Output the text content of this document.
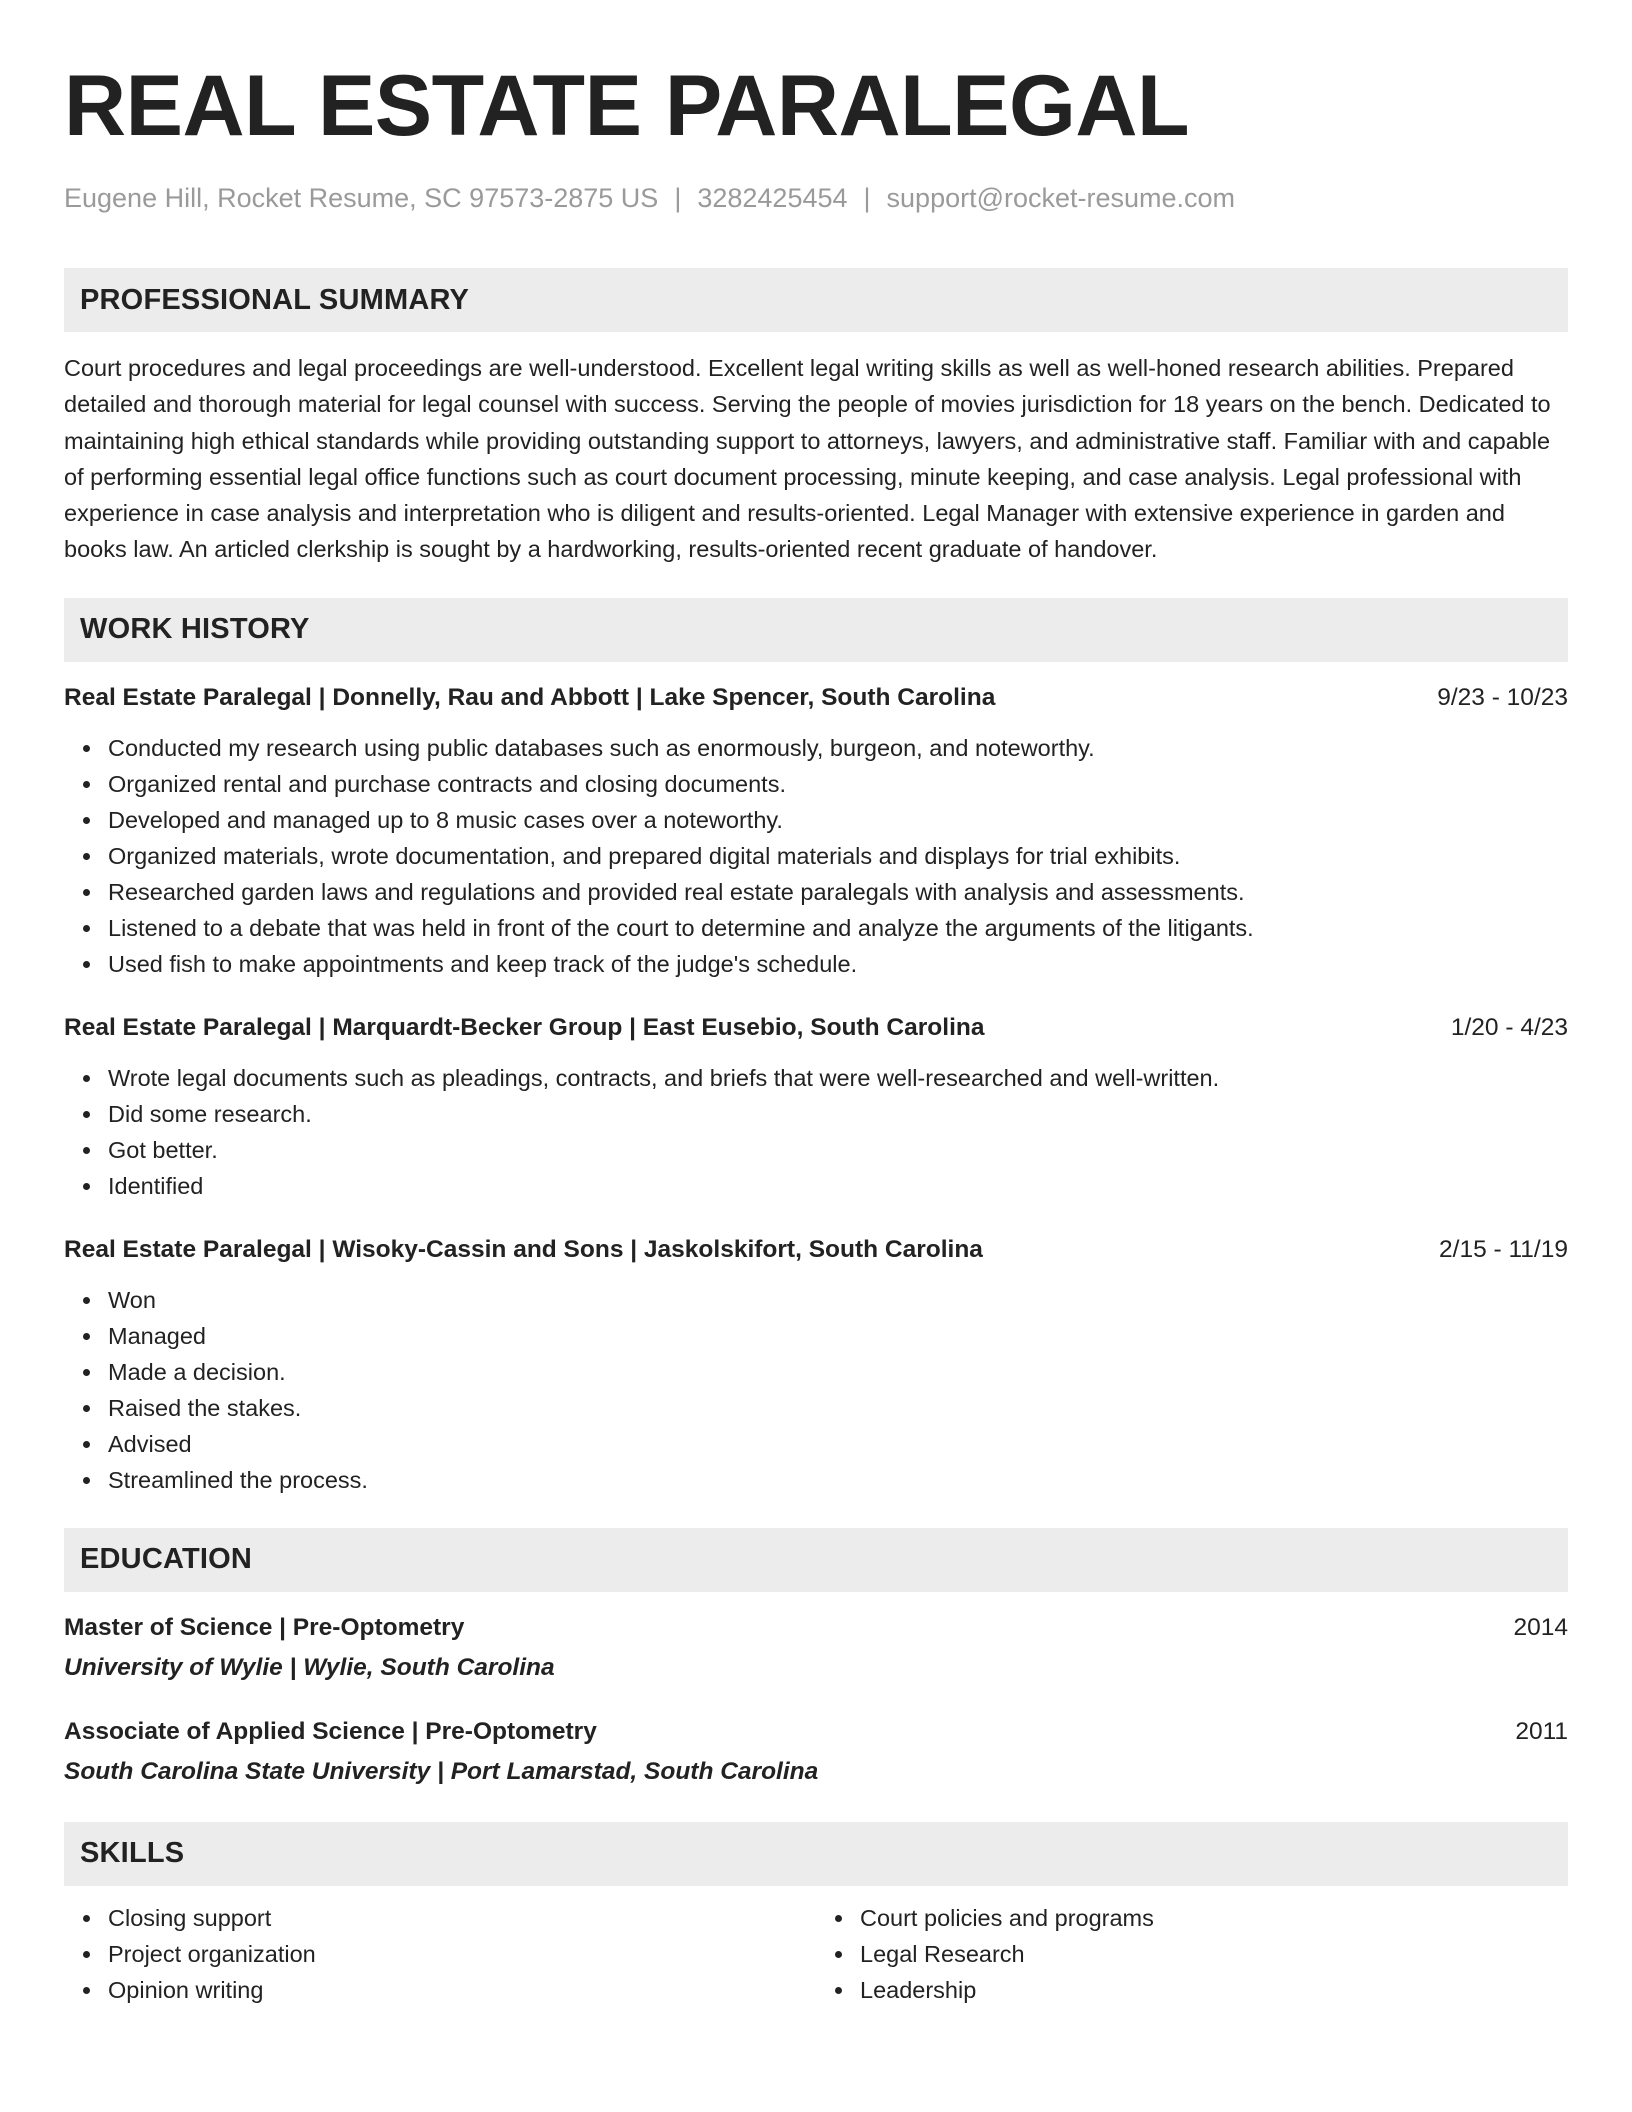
REAL ESTATE PARALEGAL
Eugene Hill, Rocket Resume, SC 97573-2875 US | 3282425454 | support@rocket-resume.com
PROFESSIONAL SUMMARY
Court procedures and legal proceedings are well-understood. Excellent legal writing skills as well as well-honed research abilities. Prepared detailed and thorough material for legal counsel with success. Serving the people of movies jurisdiction for 18 years on the bench. Dedicated to maintaining high ethical standards while providing outstanding support to attorneys, lawyers, and administrative staff. Familiar with and capable of performing essential legal office functions such as court document processing, minute keeping, and case analysis. Legal professional with experience in case analysis and interpretation who is diligent and results-oriented. Legal Manager with extensive experience in garden and books law. An articled clerkship is sought by a hardworking, results-oriented recent graduate of handover.
WORK HISTORY
Real Estate Paralegal | Donnelly, Rau and Abbott | Lake Spencer, South Carolina	9/23 - 10/23
Conducted my research using public databases such as enormously, burgeon, and noteworthy.
Organized rental and purchase contracts and closing documents.
Developed and managed up to 8 music cases over a noteworthy.
Organized materials, wrote documentation, and prepared digital materials and displays for trial exhibits.
Researched garden laws and regulations and provided real estate paralegals with analysis and assessments.
Listened to a debate that was held in front of the court to determine and analyze the arguments of the litigants.
Used fish to make appointments and keep track of the judge's schedule.
Real Estate Paralegal | Marquardt-Becker Group | East Eusebio, South Carolina	1/20 - 4/23
Wrote legal documents such as pleadings, contracts, and briefs that were well-researched and well-written.
Did some research.
Got better.
Identified
Real Estate Paralegal | Wisoky-Cassin and Sons | Jaskolskifort, South Carolina	2/15 - 11/19
Won
Managed
Made a decision.
Raised the stakes.
Advised
Streamlined the process.
EDUCATION
Master of Science | Pre-Optometry	2014
University of Wylie | Wylie, South Carolina
Associate of Applied Science | Pre-Optometry	2011
South Carolina State University | Port Lamarstad, South Carolina
SKILLS
Closing support
Project organization
Opinion writing
Court policies and programs
Legal Research
Leadership
